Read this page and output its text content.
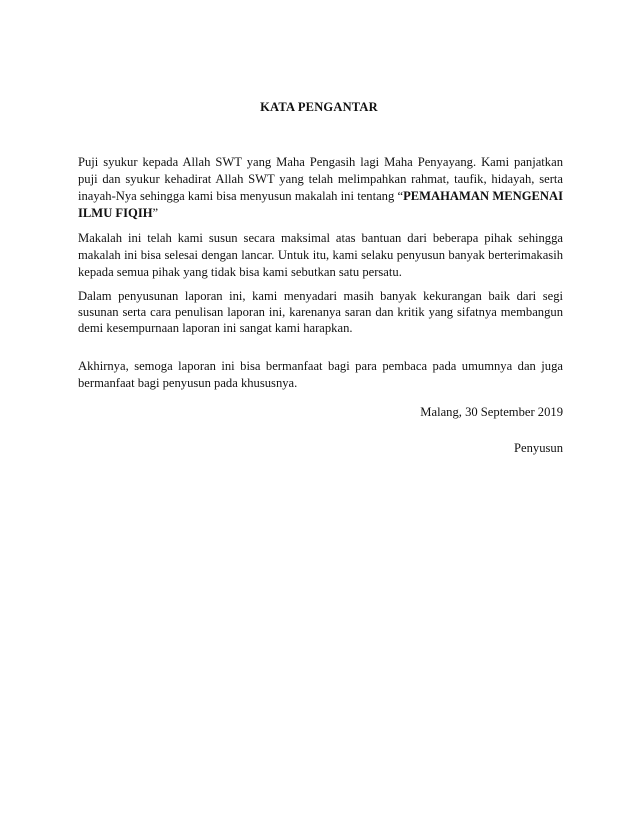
KATA PENGANTAR

Puji syukur kepada Allah SWT yang Maha Pengasih lagi Maha Penyayang. Kami panjatkan puji dan syukur kehadirat Allah SWT yang telah melimpahkan rahmat, taufik, hidayah, serta inayah-Nya sehingga kami bisa menyusun makalah ini tentang “PEMAHAMAN MENGENAI ILMU FIQIH”

Makalah ini telah kami susun secara maksimal atas bantuan dari beberapa pihak sehingga makalah ini bisa selesai dengan lancar. Untuk itu, kami selaku penyusun banyak berterimakasih kepada semua pihak yang tidak bisa kami sebutkan satu persatu.

Dalam penyusunan laporan ini, kami menyadari masih banyak kekurangan baik dari segi susunan serta cara penulisan laporan ini, karenanya saran dan kritik yang sifatnya membangun demi kesempurnaan laporan ini sangat kami harapkan.

Akhirnya, semoga laporan ini bisa bermanfaat bagi para pembaca pada umumnya dan juga bermanfaat bagi penyusun pada khususnya.

Malang, 30 September 2019
Penyusun
